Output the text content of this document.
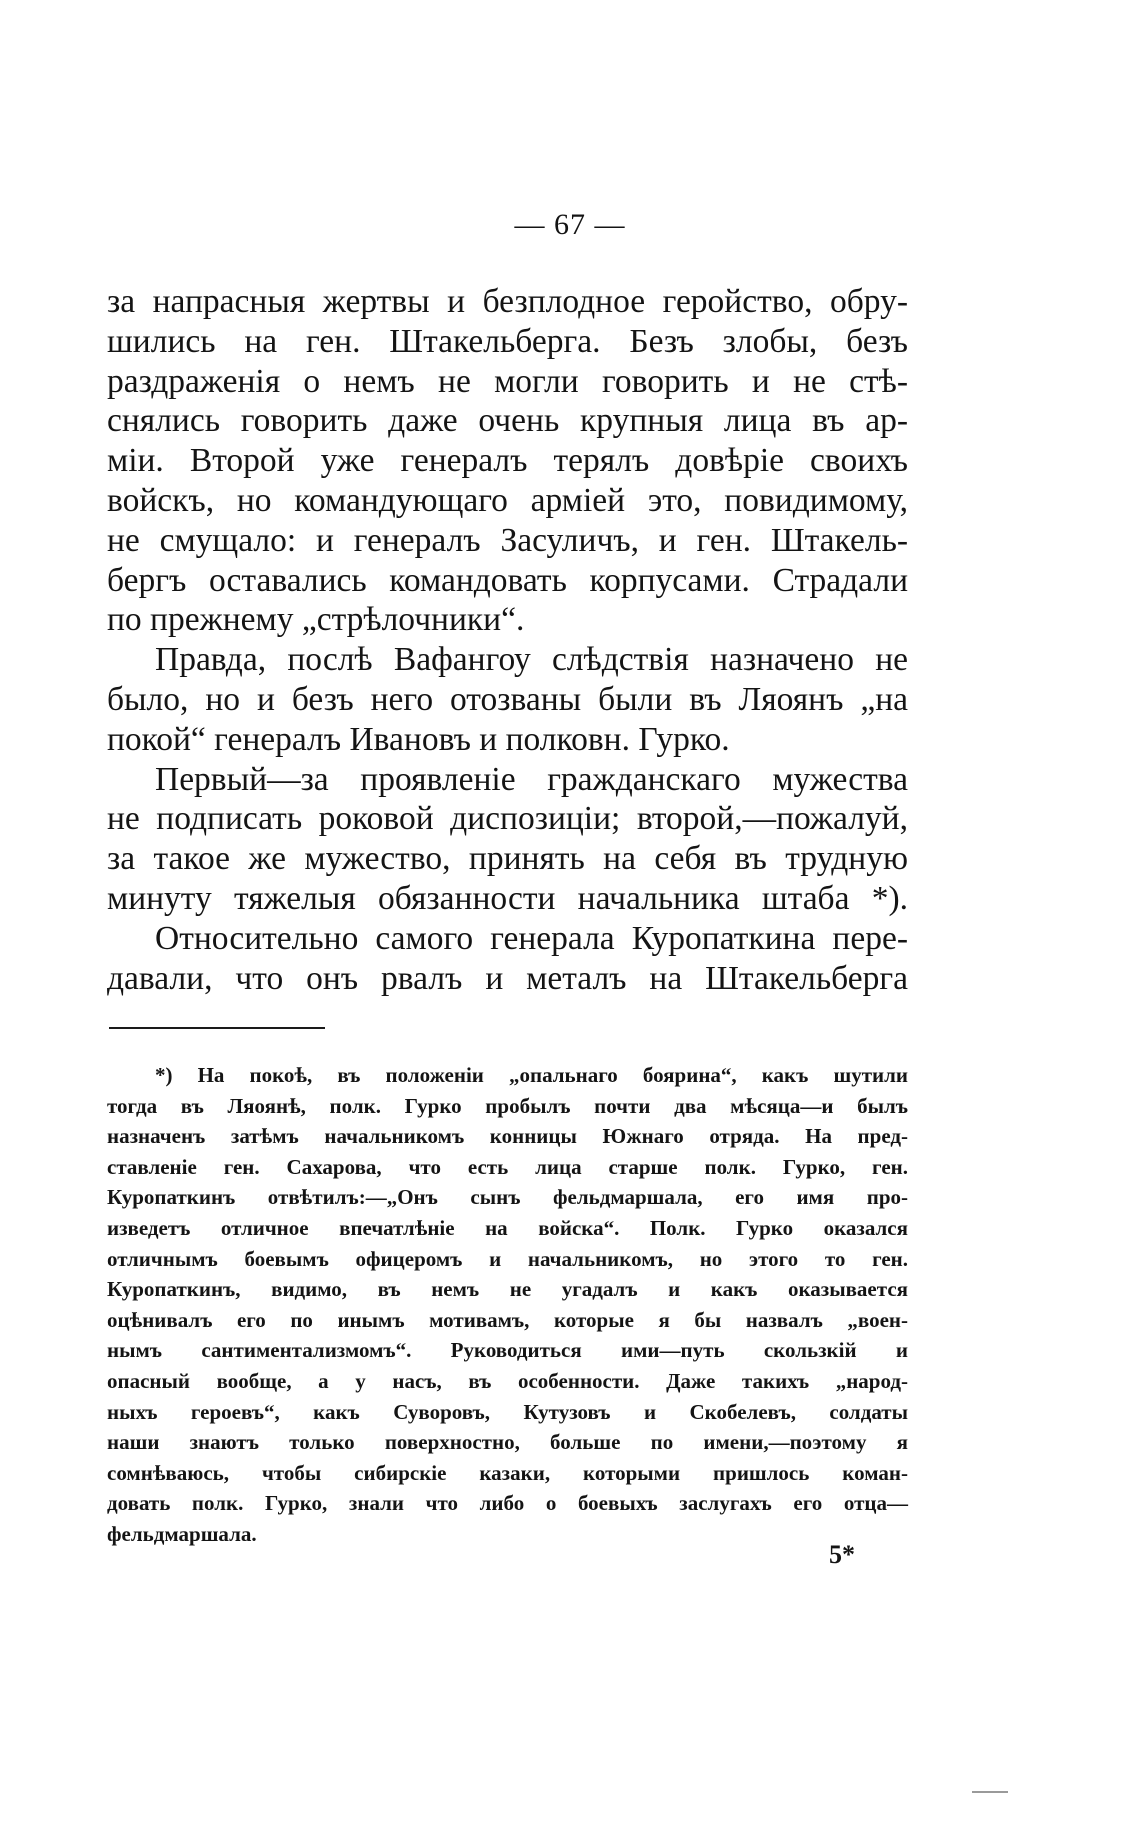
— 67 —
за напрасныя жертвы и безплодное геройство, обру-
шились на ген. Штакельберга. Безъ злобы, безъ
раздраженія о немъ не могли говорить и не стѣ-
снялись говорить даже очень крупныя лица въ ар-
міи. Второй уже генералъ терялъ довѣріе своихъ
войскъ, но командующаго арміей это, повидимому,
не смущало: и генералъ Засуличъ, и ген. Штакель-
бергъ оставались командовать корпусами. Страдали
по прежнему „стрѣлочники“.
Правда, послѣ Вафангоу слѣдствія назначено не
было, но и безъ него отозваны были въ Ляоянъ „на
покой“ генералъ Ивановъ и полковн. Гурко.
Первый—за проявленіе гражданскаго мужества
не подписать роковой диспозиціи; второй,—пожалуй,
за такое же мужество, принять на себя въ трудную
минуту тяжелыя обязанности начальника штаба *).
Относительно самого генерала Куропаткина пере-
давали, что онъ рвалъ и металъ на Штакельберга
*) На покоѣ, въ положеніи „опальнаго боярина“, какъ шутили
тогда въ Ляоянѣ, полк. Гурко пробылъ почти два мѣсяца—и былъ
назначенъ затѣмъ начальникомъ конницы Южнаго отряда. На пред-
ставленіе ген. Сахарова, что есть лица старше полк. Гурко, ген.
Куропаткинъ отвѣтилъ:—„Онъ сынъ фельдмаршала, его имя про-
изведетъ отличное впечатлѣніе на войска“. Полк. Гурко оказался
отличнымъ боевымъ офицеромъ и начальникомъ, но этого то ген.
Куропаткинъ, видимо, въ немъ не угадалъ и какъ оказывается
оцѣнивалъ его по инымъ мотивамъ, которые я бы назвалъ „воен-
нымъ сантиментализмомъ“. Руководиться ими—путь скользкій и
опасный вообще, а у насъ, въ особенности. Даже такихъ „народ-
ныхъ героевъ“, какъ Суворовъ, Кутузовъ и Скобелевъ, солдаты
наши знаютъ только поверхностно, больше по имени,—поэтому я
сомнѣваюсь, чтобы сибирскіе казаки, которыми пришлось коман-
довать полк. Гурко, знали что либо о боевыхъ заслугахъ его отца—
фельдмаршала.
5*
